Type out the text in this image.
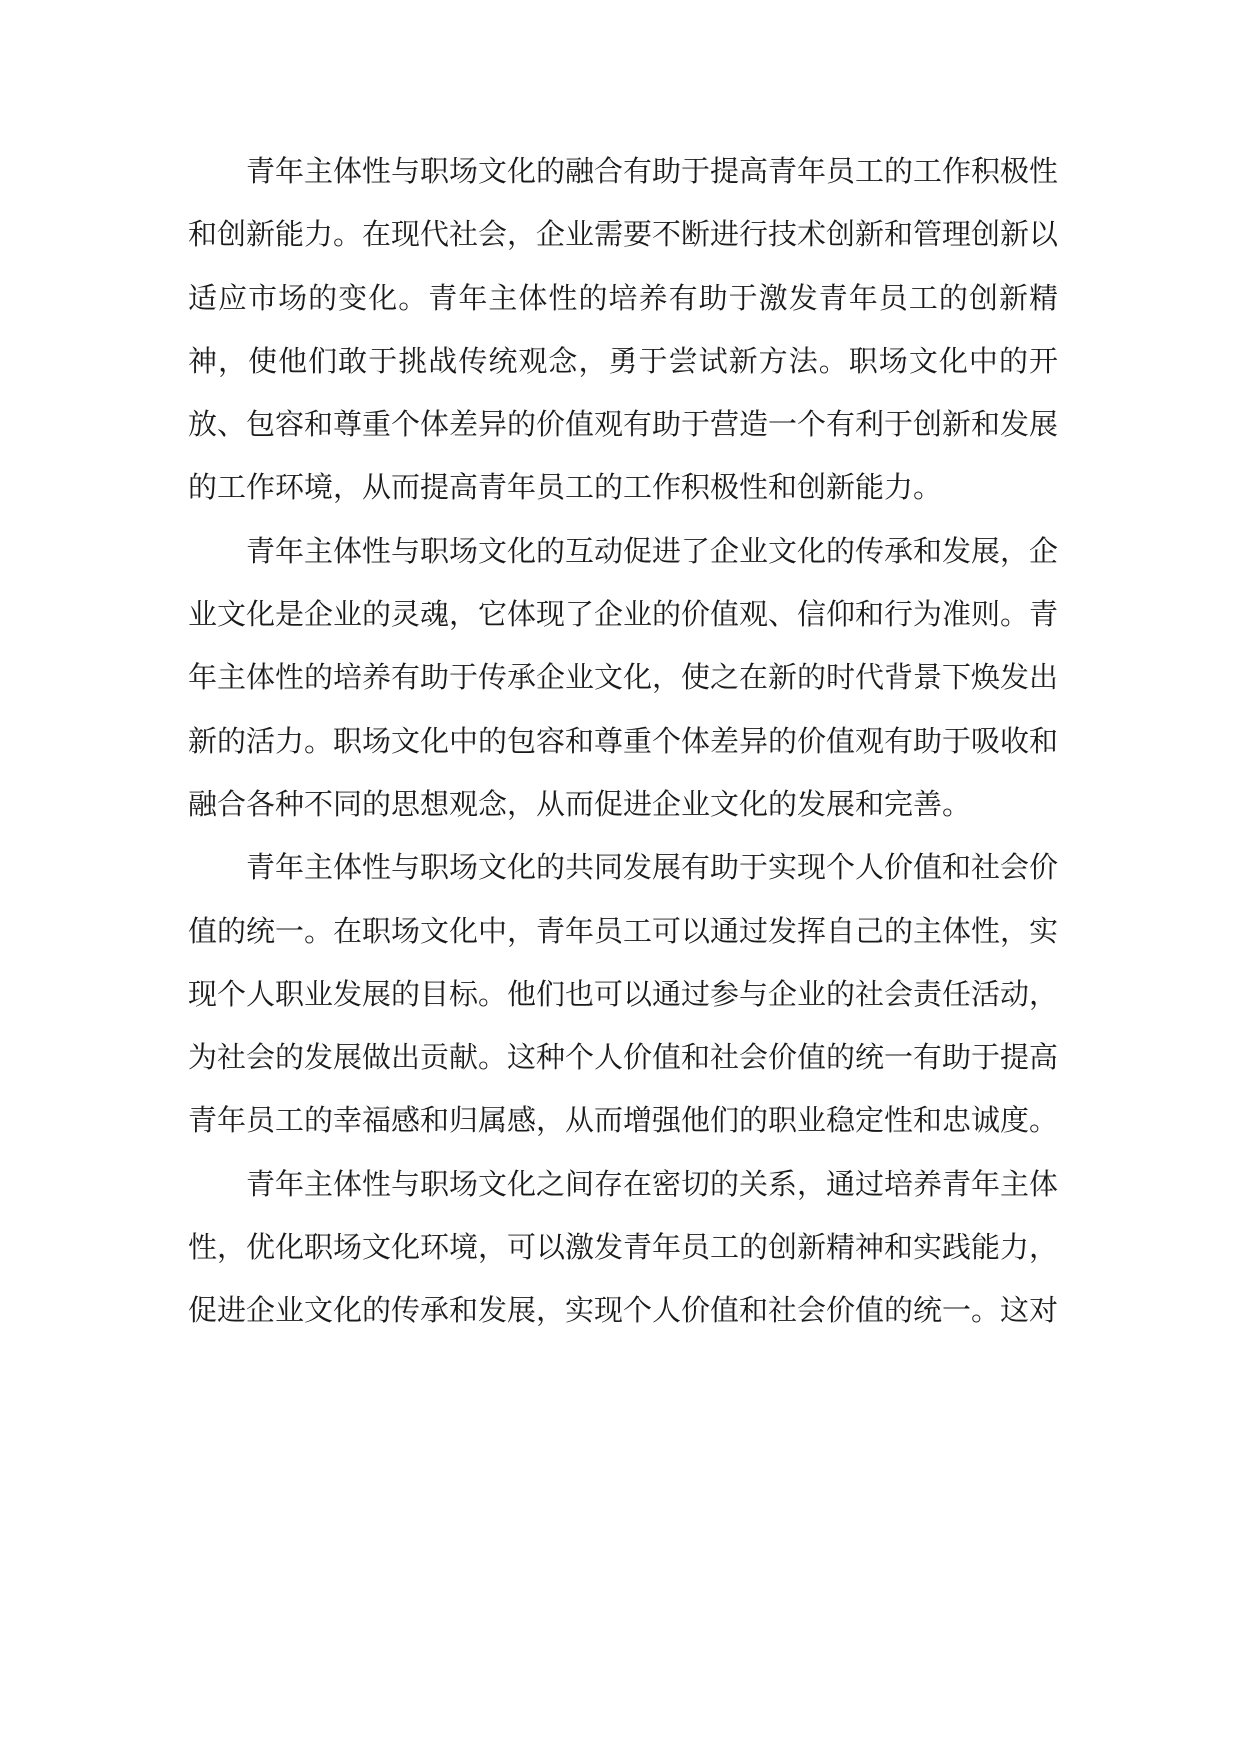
青年主体性与职场文化的融合有助于提高青年员工的工作积极性和创新能力。在现代社会，企业需要不断进行技术创新和管理创新以适应市场的变化。青年主体性的培养有助于激发青年员工的创新精神，使他们敢于挑战传统观念，勇于尝试新方法。职场文化中的开放、包容和尊重个体差异的价值观有助于营造一个有利于创新和发展的工作环境，从而提高青年员工的工作积极性和创新能力。

青年主体性与职场文化的互动促进了企业文化的传承和发展，企业文化是企业的灵魂，它体现了企业的价值观、信仰和行为准则。青年主体性的培养有助于传承企业文化，使之在新的时代背景下焕发出新的活力。职场文化中的包容和尊重个体差异的价值观有助于吸收和融合各种不同的思想观念，从而促进企业文化的发展和完善。

青年主体性与职场文化的共同发展有助于实现个人价值和社会价值的统一。在职场文化中，青年员工可以通过发挥自己的主体性，实现个人职业发展的目标。他们也可以通过参与企业的社会责任活动，为社会的发展做出贡献。这种个人价值和社会价值的统一有助于提高青年员工的幸福感和归属感，从而增强他们的职业稳定性和忠诚度。

青年主体性与职场文化之间存在密切的关系，通过培养青年主体性，优化职场文化环境，可以激发青年员工的创新精神和实践能力，促进企业文化的传承和发展，实现个人价值和社会价值的统一。这对
